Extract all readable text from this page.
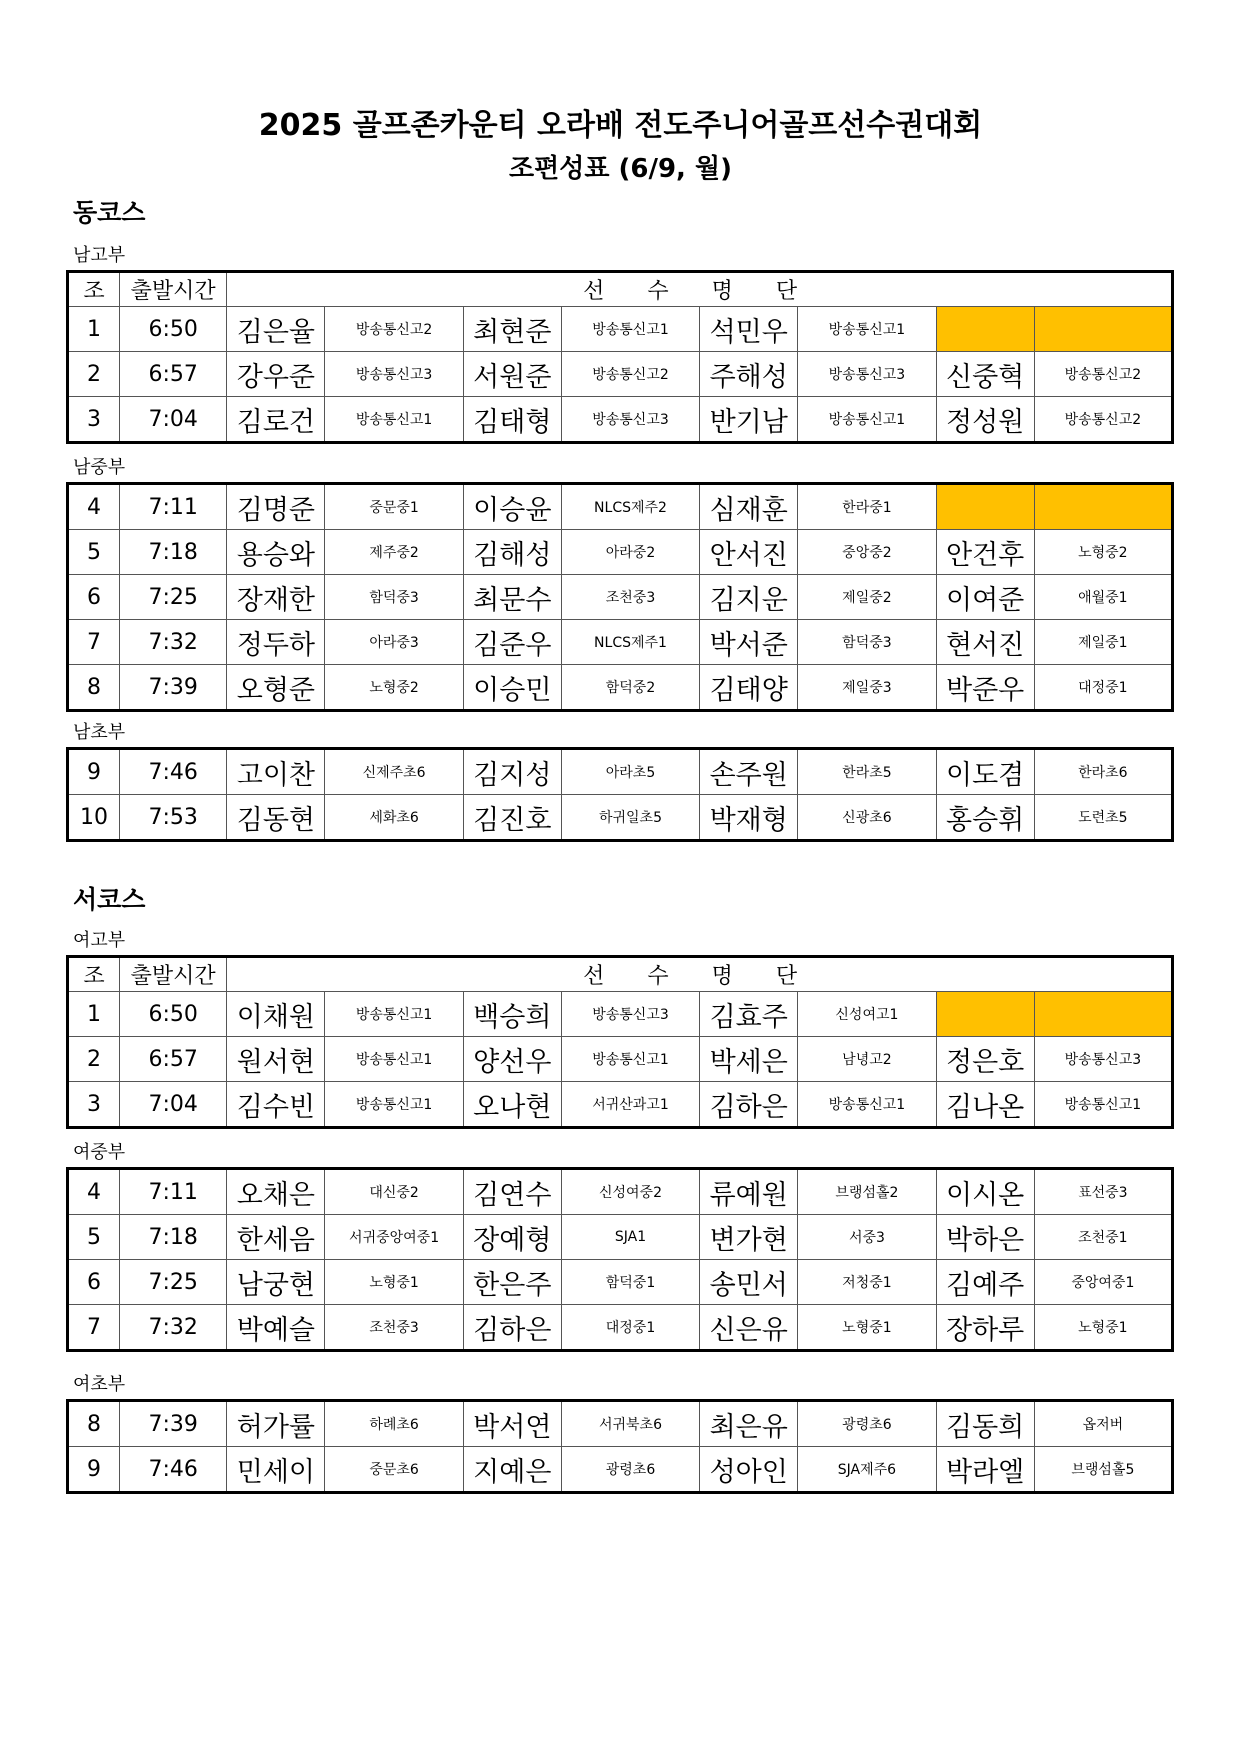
2025 골프존카운티 오라배 전도주니어골프선수권대회
조편성표 (6/9, 월)
동코스
남고부
조	출발시간	선 수 명 단							
1	6:50	김은율	방송통신고2	최현준	방송통신고1	석민우	방송통신고1		
2	6:57	강우준	방송통신고3	서원준	방송통신고2	주해성	방송통신고3	신중혁	방송통신고2
3	7:04	김로건	방송통신고1	김태형	방송통신고3	반기남	방송통신고1	정성원	방송통신고2
남중부
4	7:11	김명준	중문중1	이승윤	NLCS제주2	심재훈	한라중1		
5	7:18	용승와	제주중2	김해성	아라중2	안서진	중앙중2	안건후	노형중2
6	7:25	장재한	함덕중3	최문수	조천중3	김지운	제일중2	이여준	애월중1
7	7:32	정두하	아라중3	김준우	NLCS제주1	박서준	함덕중3	현서진	제일중1
8	7:39	오형준	노형중2	이승민	함덕중2	김태양	제일중3	박준우	대정중1
남초부
9	7:46	고이찬	신제주초6	김지성	아라초5	손주원	한라초5	이도겸	한라초6
10	7:53	김동현	세화초6	김진호	하귀일초5	박재형	신광초6	홍승휘	도련초5
서코스
여고부
조	출발시간	선 수 명 단							
1	6:50	이채원	방송통신고1	백승희	방송통신고3	김효주	신성여고1		
2	6:57	원서현	방송통신고1	양선우	방송통신고1	박세은	남녕고2	정은호	방송통신고3
3	7:04	김수빈	방송통신고1	오나현	서귀산과고1	김하은	방송통신고1	김나온	방송통신고1
여중부
4	7:11	오채은	대신중2	김연수	신성여중2	류예원	브랭섬홀2	이시온	표선중3
5	7:18	한세음	서귀중앙여중1	장예형	SJA1	변가현	서중3	박하은	조천중1
6	7:25	남궁현	노형중1	한은주	함덕중1	송민서	저청중1	김예주	중앙여중1
7	7:32	박예슬	조천중3	김하은	대정중1	신은유	노형중1	장하루	노형중1
여초부
8	7:39	허가률	하례초6	박서연	서귀북초6	최은유	광령초6	김동희	옵저버
9	7:46	민세이	중문초6	지예은	광령초6	성아인	SJA제주6	박라엘	브랭섬홀5
